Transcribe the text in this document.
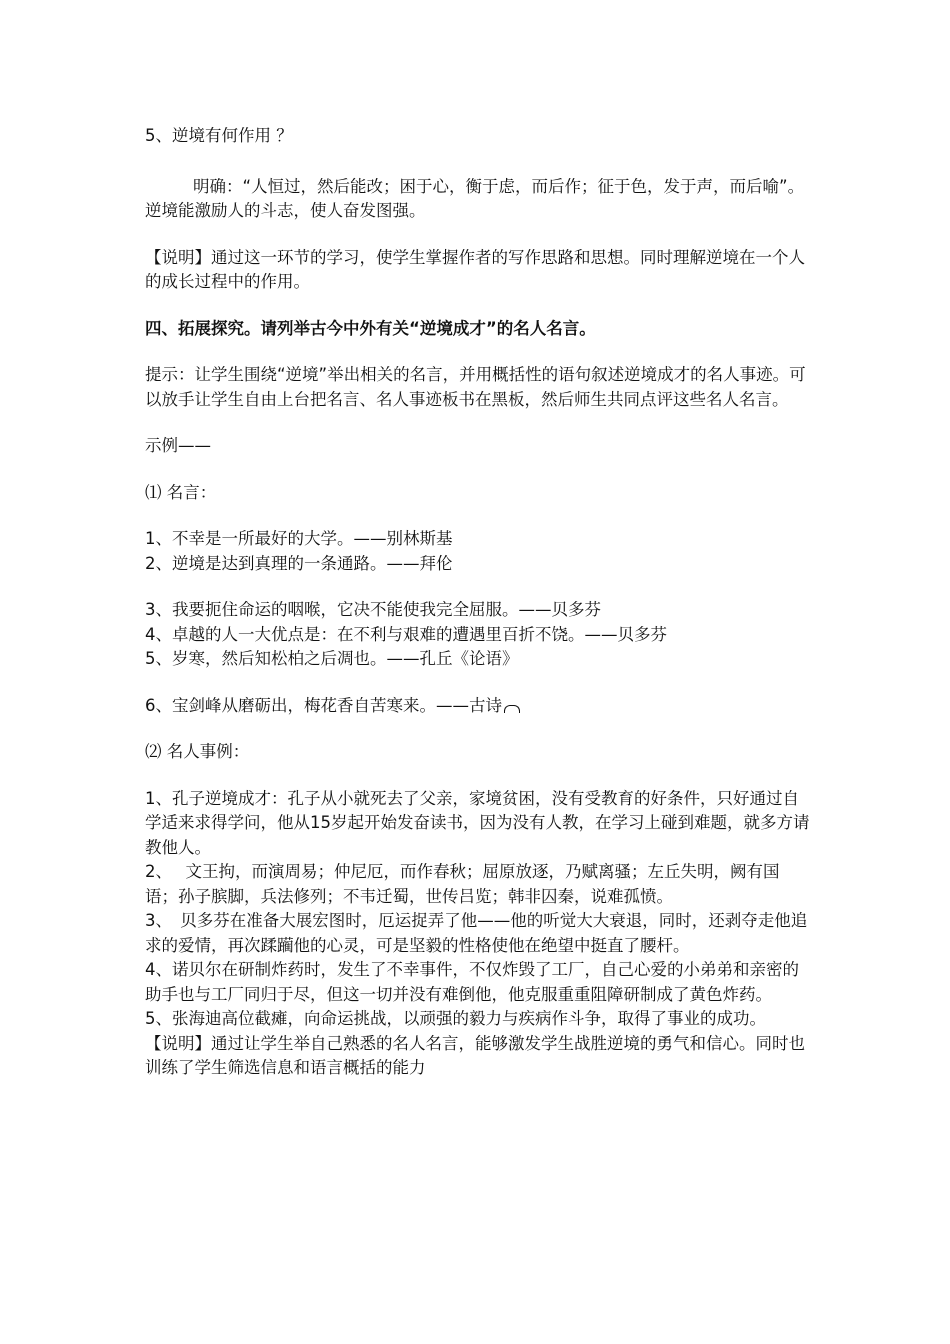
5、逆境有何作用 ？

明确：“人恒过，然后能改；困于心，衡于虑，而后作；征于色，发于声，而后喻”。逆境能激励人的斗志，使人奋发图强。

【说明】通过这一环节的学习，使学生掌握作者的写作思路和思想。同时理解逆境在一个人的成长过程中的作用。

四、拓展探究。请列举古今中外有关“逆境成才”的名人名言。

提示：让学生围绕“逆境”举出相关的名言，并用概括性的语句叙述逆境成才的名人事迹。可以放手让学生自由上台把名言、名人事迹板书在黑板，然后师生共同点评这些名人名言。

示例——

⑴ 名言：

1、不幸是一所最好的大学。——别林斯基

2、逆境是达到真理的一条通路。——拜伦

3、我要扼住命运的咽喉，它决不能使我完全屈服。——贝多芬

4、卓越的人一大优点是：在不利与艰难的遭遇里百折不饶。——贝多芬

5、岁寒，然后知松柏之后凋也。——孔丘《论语》

6、宝剑峰从磨砺出，梅花香自苦寒来。——古诗

⑵ 名人事例：

1、孔子逆境成才：孔子从小就死去了父亲，家境贫困，没有受教育的好条件，只好通过自学适来求得学问，他从15岁起开始发奋读书，因为没有人教，在学习上碰到难题，就多方请教他人。

2、　 文王拘，而演周易；仲尼厄，而作春秋；屈原放逐，乃赋离骚；左丘失明，阙有国语；孙子膑脚，兵法修列；不韦迁蜀，世传吕览；韩非囚秦，说难孤愤。

3、　贝多芬在准备大展宏图时，厄运捉弄了他——他的听觉大大衰退，同时，还剥夺走他追求的爱情，再次蹂躏他的心灵，可是坚毅的性格使他在绝望中挺直了腰杆。

4、诺贝尔在研制炸药时，发生了不幸事件，不仅炸毁了工厂，自己心爱的小弟弟和亲密的助手也与工厂同归于尽，但这一切并没有难倒他，他克服重重阻障研制成了黄色炸药。

5、张海迪高位截瘫，向命运挑战，以顽强的毅力与疾病作斗争，取得了事业的成功。

【说明】通过让学生举自己熟悉的名人名言，能够激发学生战胜逆境的勇气和信心。同时也训练了学生筛选信息和语言概括的能力
